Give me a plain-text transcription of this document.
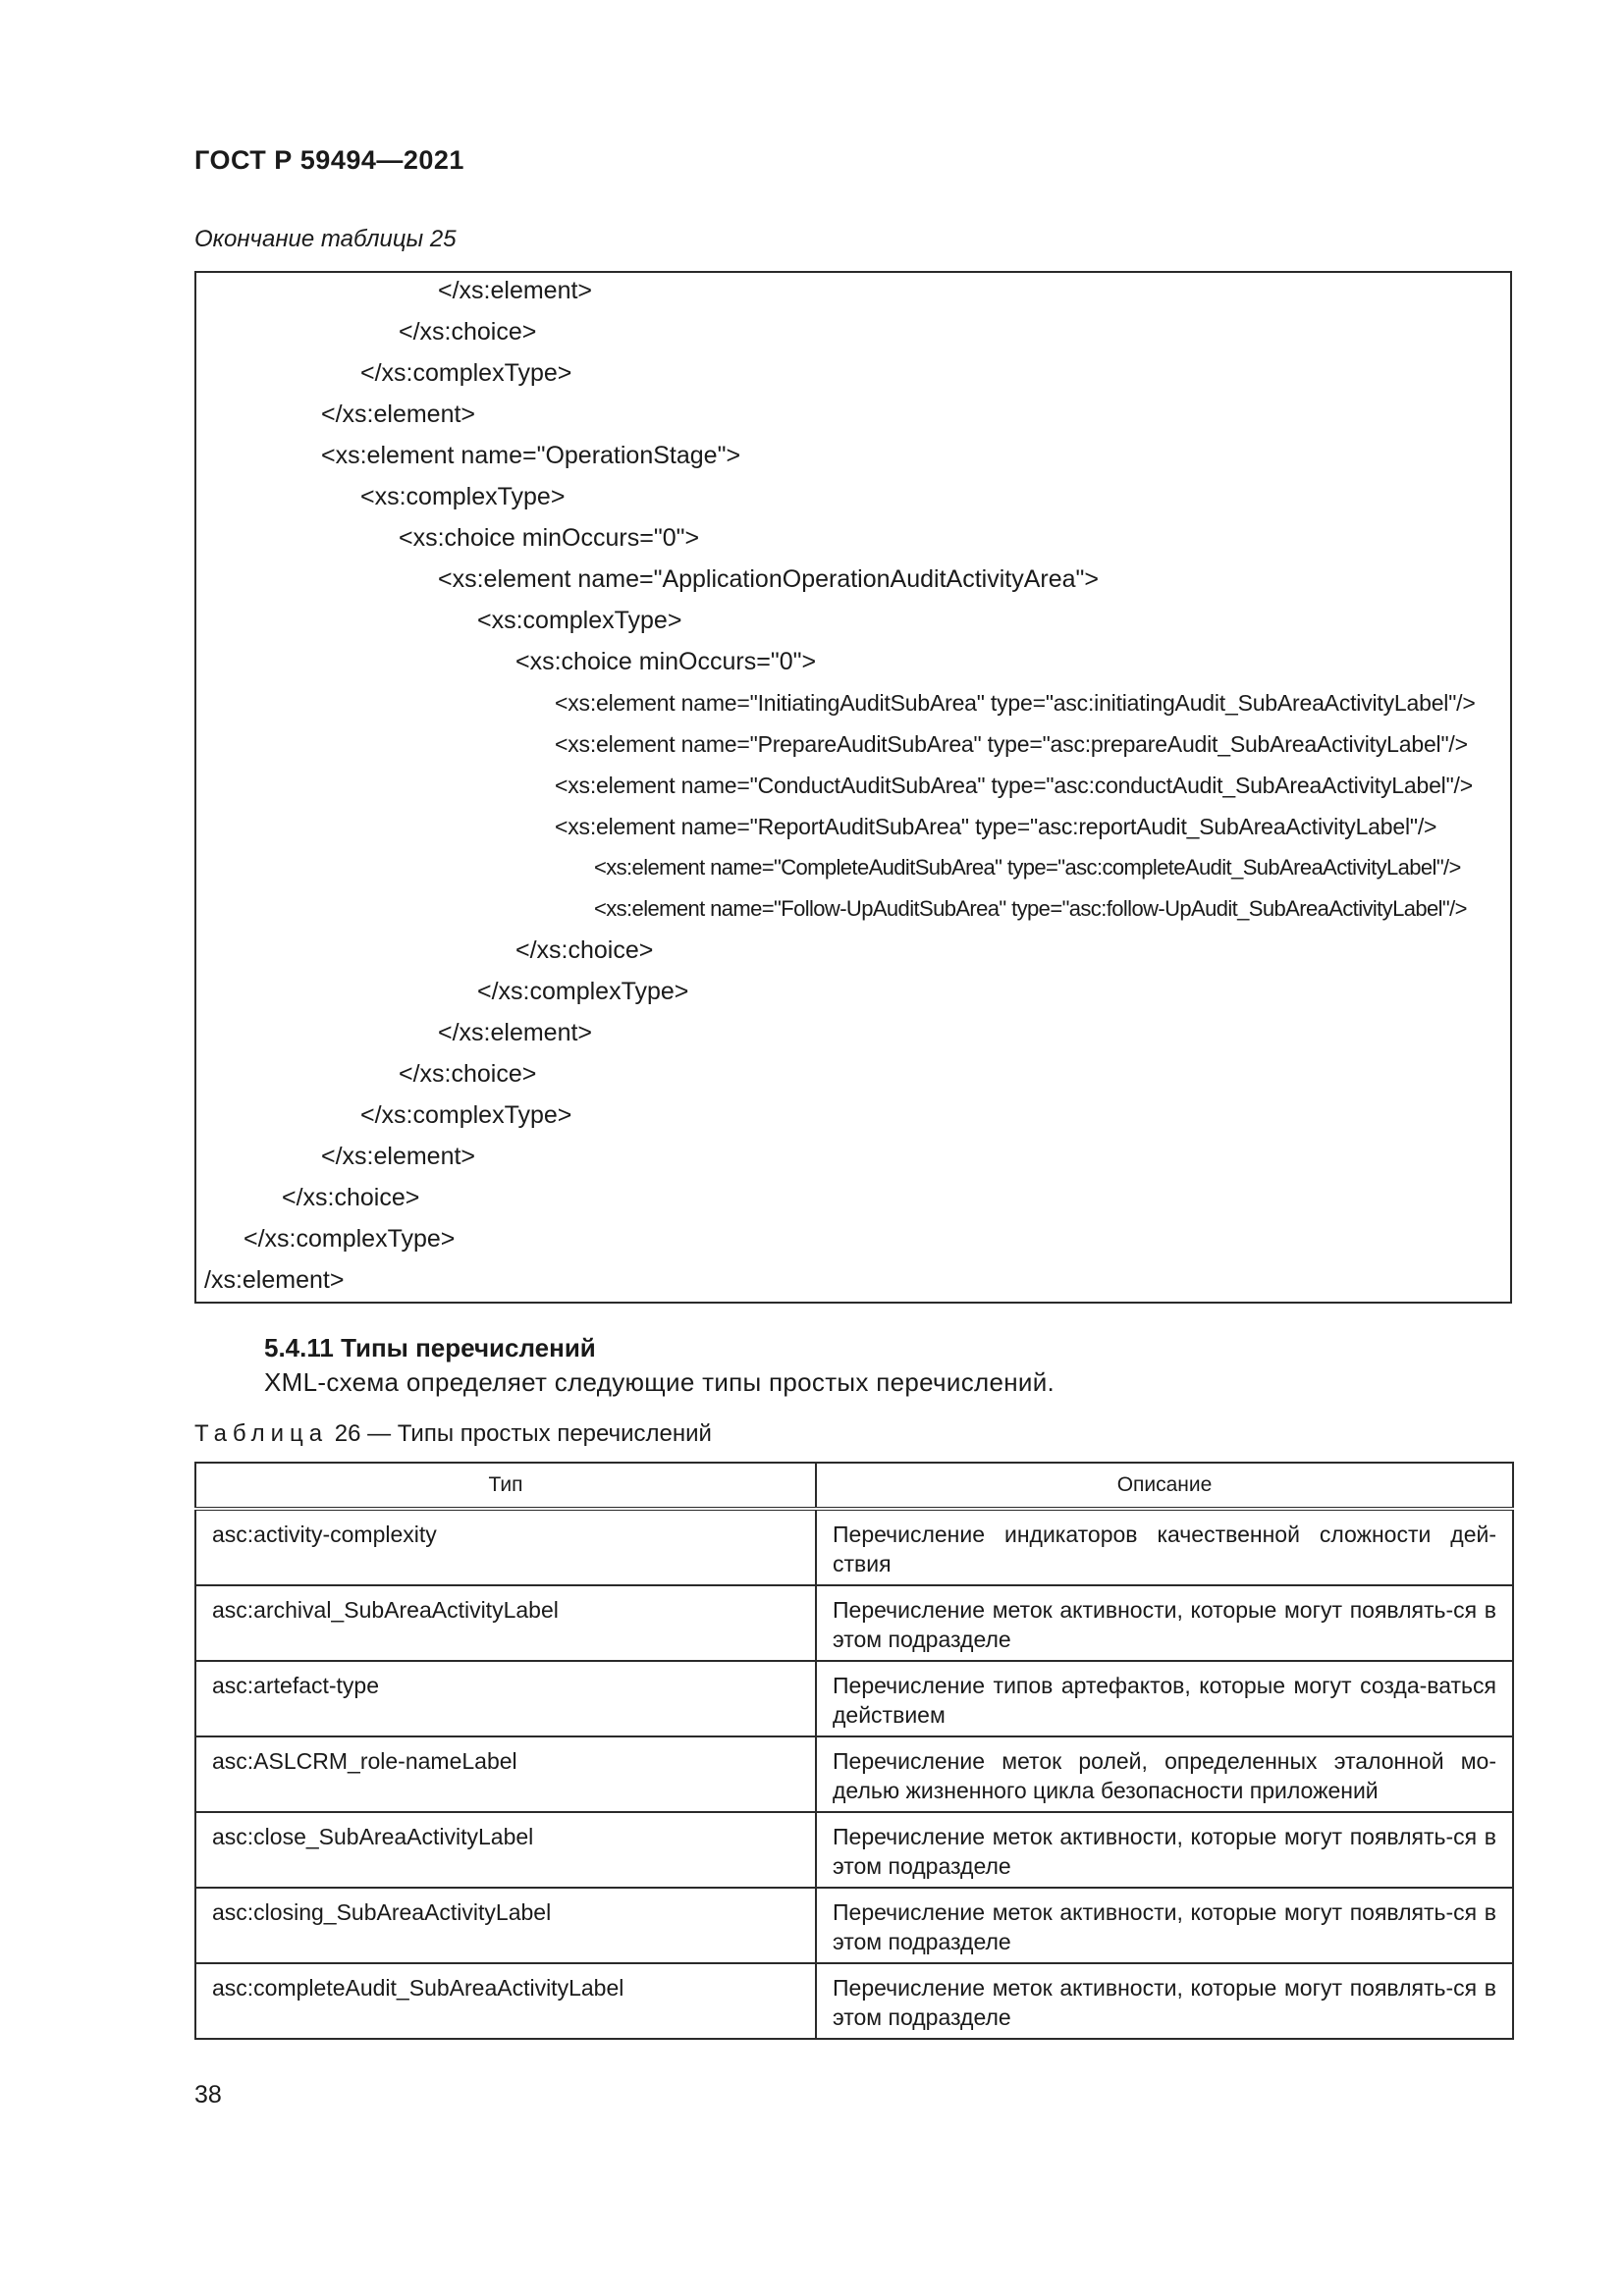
ГОСТ Р 59494—2021
Окончание таблицы 25
</xs:element>
</xs:choice>
</xs:complexType>
</xs:element>
<xs:element name="OperationStage">
<xs:complexType>
<xs:choice minOccurs="0">
<xs:element name="ApplicationOperationAuditActivityArea">
<xs:complexType>
<xs:choice minOccurs="0">
<xs:element name="InitiatingAuditSubArea" type="asc:initiatingAudit_SubAreaActivityLabel"/>
<xs:element name="PrepareAuditSubArea" type="asc:prepareAudit_SubAreaActivityLabel"/>
<xs:element name="ConductAuditSubArea" type="asc:conductAudit_SubAreaActivityLabel"/>
<xs:element name="ReportAuditSubArea" type="asc:reportAudit_SubAreaActivityLabel"/>
<xs:element name="CompleteAuditSubArea" type="asc:completeAudit_SubAreaActivityLabel"/>
<xs:element name="Follow-UpAuditSubArea" type="asc:follow-UpAudit_SubAreaActivityLabel"/>
</xs:choice>
</xs:complexType>
</xs:element>
</xs:choice>
</xs:complexType>
</xs:element>
</xs:choice>
</xs:complexType>
/xs:element>
5.4.11 Типы перечислений
XML-схема определяет следующие типы простых перечислений.
Таблица 26 — Типы простых перечислений
Тип	Описание
asc:activity-complexity	Перечисление индикаторов качественной сложности дей-ствия
asc:archival_SubAreaActivityLabel	Перечисление меток активности, которые могут появлять-ся в этом подразделе
asc:artefact-type	Перечисление типов артефактов, которые могут созда-ваться действием
asc:ASLCRM_role-nameLabel	Перечисление меток ролей, определенных эталонной мо-делью жизненного цикла безопасности приложений
asc:close_SubAreaActivityLabel	Перечисление меток активности, которые могут появлять-ся в этом подразделе
asc:closing_SubAreaActivityLabel	Перечисление меток активности, которые могут появлять-ся в этом подразделе
asc:completeAudit_SubAreaActivityLabel	Перечисление меток активности, которые могут появлять-ся в этом подразделе
38
